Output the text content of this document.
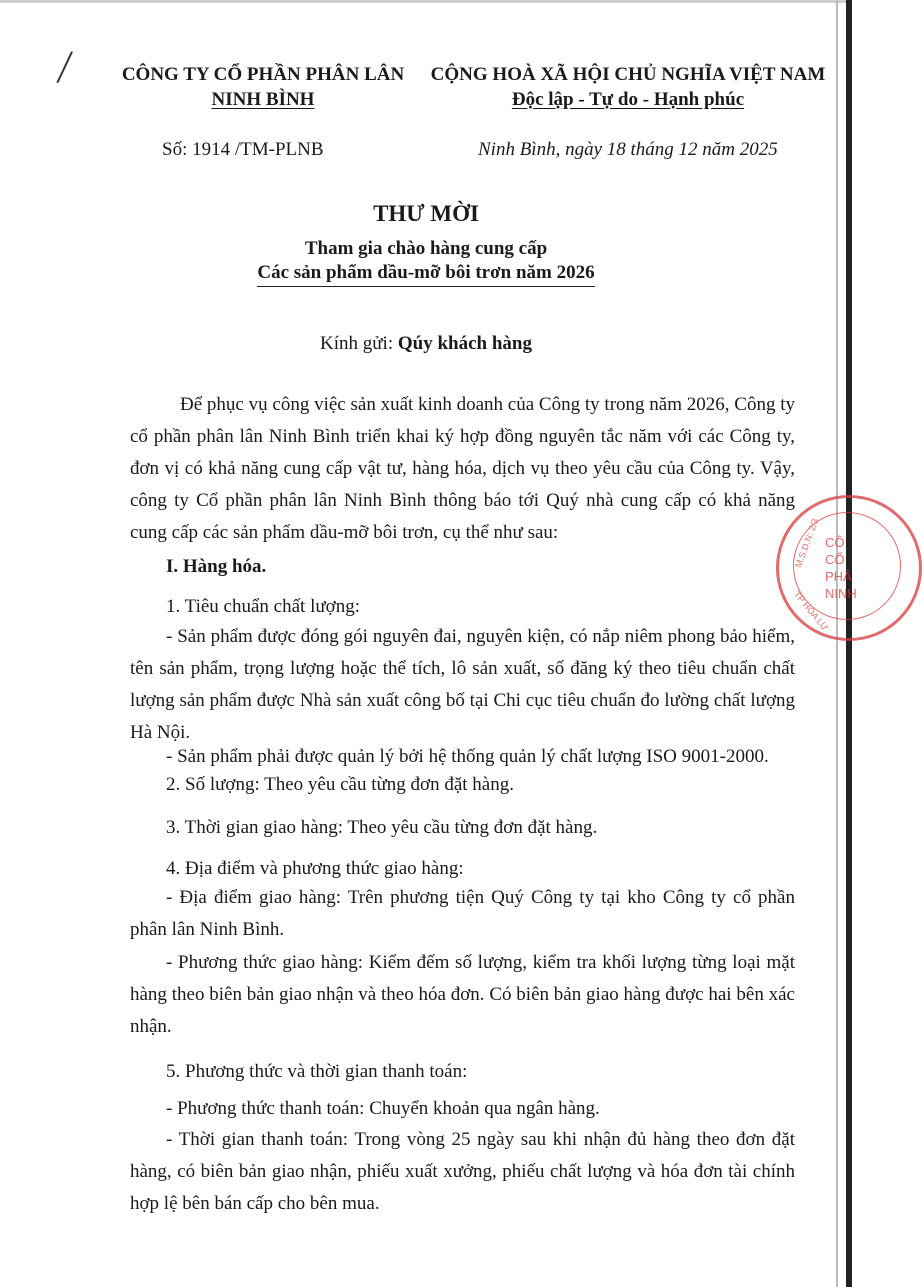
/ CÔNG TY CỔ PHẦN PHÂN LÂN
NINH BÌNH
CỘNG HOÀ XÃ HỘI CHỦ NGHĨA VIỆT NAM
Độc lập - Tự do - Hạnh phúc
Số: 1914 /TM-PLNB	Ninh Bình, ngày 18 tháng 12 năm 2025
THƯ MỜI
Tham gia chào hàng cung cấp
Các sản phẩm dầu-mỡ bôi trơn năm 2026
Kính gửi: Qúy khách hàng

Để phục vụ công việc sản xuất kinh doanh của Công ty trong năm 2026, Công ty cổ phần phân lân Ninh Bình triển khai ký hợp đồng nguyên tắc năm với các Công ty, đơn vị có khả năng cung cấp vật tư, hàng hóa, dịch vụ theo yêu cầu của Công ty. Vậy, công ty Cổ phần phân lân Ninh Bình thông báo tới Quý nhà cung cấp có khả năng cung cấp các sản phẩm dầu-mỡ bôi trơn, cụ thể như sau:

I. Hàng hóa.
1. Tiêu chuẩn chất lượng:

- Sản phẩm được đóng gói nguyên đai, nguyên kiện, có nắp niêm phong bảo hiểm, tên sản phẩm, trọng lượng hoặc thể tích, lô sản xuất, số đăng ký theo tiêu chuẩn chất lượng sản phẩm được Nhà sản xuất công bố tại Chi cục tiêu chuẩn đo lường chất lượng Hà Nội.

- Sản phẩm phải được quản lý bởi hệ thống quản lý chất lượng ISO 9001-2000.

2. Số lượng: Theo yêu cầu từng đơn đặt hàng.
3. Thời gian giao hàng: Theo yêu cầu từng đơn đặt hàng.
4. Địa điểm và phương thức giao hàng:

- Địa điểm giao hàng: Trên phương tiện Quý Công ty tại kho Công ty cổ phần phân lân Ninh Bình.

- Phương thức giao hàng: Kiểm đếm số lượng, kiểm tra khối lượng từng loại mặt hàng theo biên bản giao nhận và theo hóa đơn. Có biên bản giao hàng được hai bên xác nhận.

5. Phương thức và thời gian thanh toán:

- Phương thức thanh toán: Chuyển khoản qua ngân hàng.

- Thời gian thanh toán: Trong vòng 25 ngày sau khi nhận đủ hàng theo đơn đặt hàng, có biên bản giao nhận, phiếu xuất xưởng, phiếu chất lượng và hóa đơn tài chính hợp lệ bên bán cấp cho bên mua.

CÔ
CỔ
PHÂ
NINH
M.S.D.N: 2/3
TP HOA LƯ
